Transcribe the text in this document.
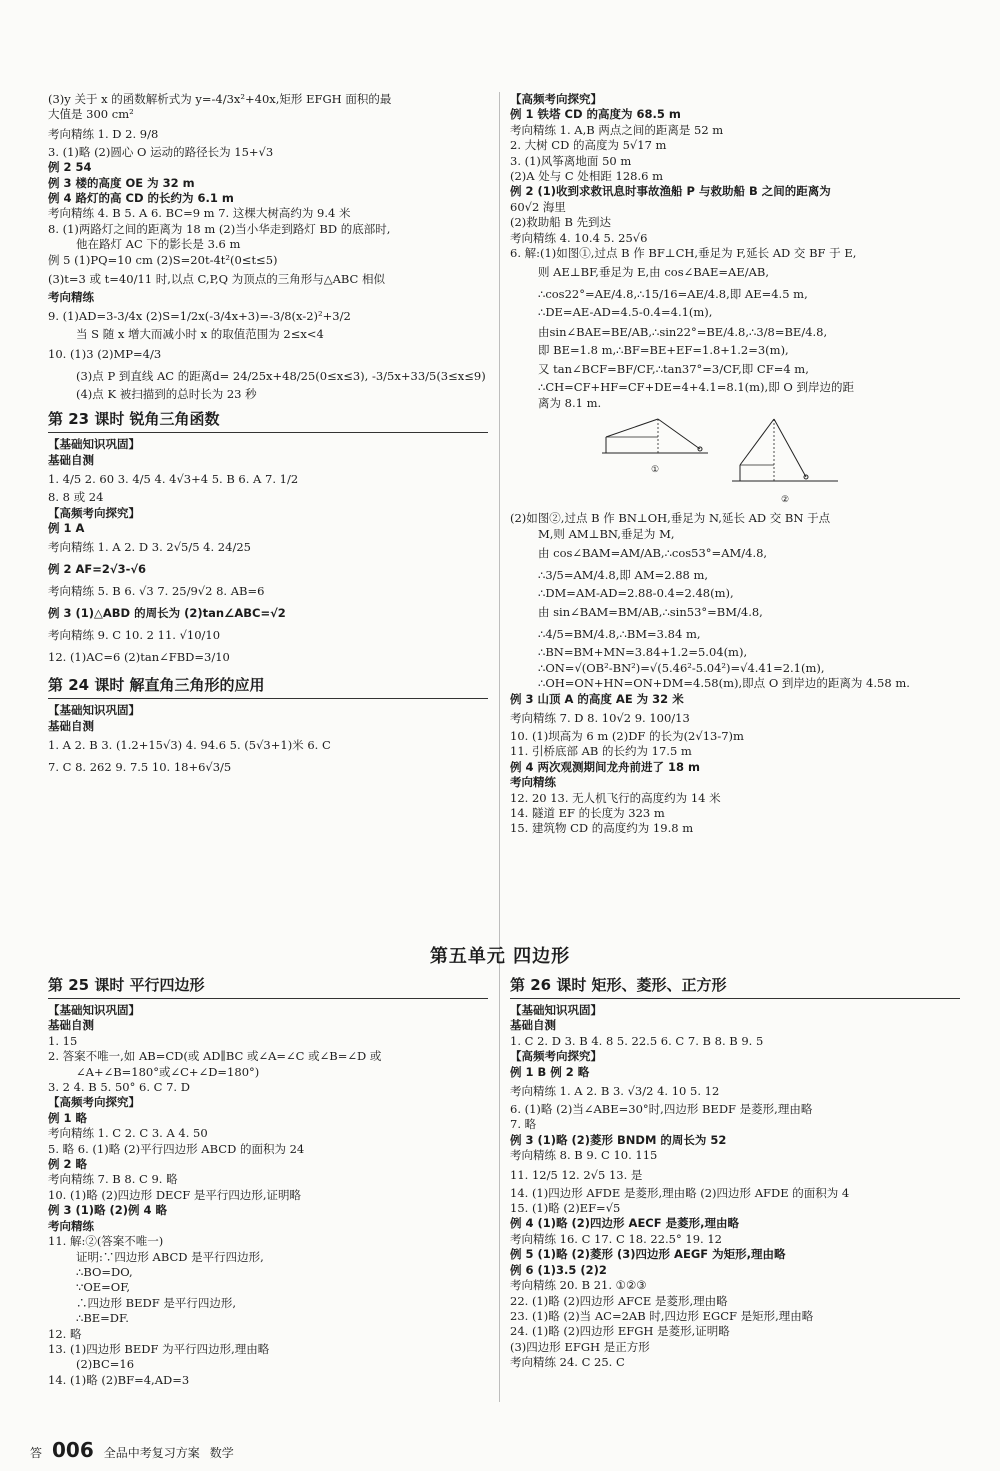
(3)y 关于 x 的函数解析式为 y=-4/3x²+40x,矩形 EFGH 面积的最
大值是 300 cm²
考向精练 1. D 2. 9/8
3. (1)略 (2)圆心 O 运动的路径长为 15+√3
例 2 54
例 3 楼的高度 OE 为 32 m
例 4 路灯的高 CD 的长约为 6.1 m
考向精练 4. B 5. A 6. BC=9 m 7. 这棵大树高约为 9.4 米
8. (1)两路灯之间的距离为 18 m (2)当小华走到路灯 BD 的底部时,
他在路灯 AC 下的影长是 3.6 m
例 5 (1)PQ=10 cm (2)S=20t-4t²(0≤t≤5)
(3)t=3 或 t=40/11 时,以点 C,P,Q 为顶点的三角形与△ABC 相似
考向精练
9. (1)AD=3-3/4x (2)S=1/2x(-3/4x+3)=-3/8(x-2)²+3/2
当 S 随 x 增大而减小时 x 的取值范围为 2≤x<4
10. (1)3 (2)MP=4/3
(3)点 P 到直线 AC 的距离d= 24/25x+48/25(0≤x≤3), -3/5x+33/5(3≤x≤9)
(4)点 K 被扫描到的总时长为 23 秒
第 23 课时 锐角三角函数
【基础知识巩固】
基础自测
1. 4/5 2. 60 3. 4/5 4. 4√3+4 5. B 6. A 7. 1/2
8. 8 或 24
【高频考向探究】
例 1 A
考向精练 1. A 2. D 3. 2√5/5 4. 24/25
例 2 AF=2√3-√6
考向精练 5. B 6. √3 7. 25/9√2 8. AB=6
例 3 (1)△ABD 的周长为 (2)tan∠ABC=√2
考向精练 9. C 10. 2 11. √10/10
12. (1)AC=6 (2)tan∠FBD=3/10
第 24 课时 解直角三角形的应用
【基础知识巩固】
基础自测
1. A 2. B 3. (1.2+15√3) 4. 94.6 5. (5√3+1)米 6. C
7. C 8. 262 9. 7.5 10. 18+6√3/5
【高频考向探究】
例 1 铁塔 CD 的高度为 68.5 m
考向精练 1. A,B 两点之间的距离是 52 m
2. 大树 CD 的高度为 5√17 m
3. (1)风筝离地面 50 m
(2)A 处与 C 处相距 128.6 m
例 2 (1)收到求救讯息时事故渔船 P 与救助船 B 之间的距离为
60√2 海里
(2)救助船 B 先到达
考向精练 4. 10.4 5. 25√6
6. 解:(1)如图①,过点 B 作 BF⊥CH,垂足为 F,延长 AD 交 BF 于 E,
则 AE⊥BF,垂足为 E,由 cos∠BAE=AE/AB,
∴cos22°=AE/4.8,∴15/16=AE/4.8,即 AE=4.5 m,
∴DE=AE-AD=4.5-0.4=4.1(m),
由sin∠BAE=BE/AB,∴sin22°=BE/4.8,∴3/8=BE/4.8,
即 BE=1.8 m,∴BF=BE+EF=1.8+1.2=3(m),
又 tan∠BCF=BF/CF,∴tan37°=3/CF,即 CF=4 m,
∴CH=CF+HF=CF+DE=4+4.1=8.1(m),即 O 到岸边的距
离为 8.1 m.
①
②
(2)如图②,过点 B 作 BN⊥OH,垂足为 N,延长 AD 交 BN 于点
M,则 AM⊥BN,垂足为 M,
由 cos∠BAM=AM/AB,∴cos53°=AM/4.8,
∴3/5=AM/4.8,即 AM=2.88 m,
∴DM=AM-AD=2.88-0.4=2.48(m),
由 sin∠BAM=BM/AB,∴sin53°=BM/4.8,
∴4/5=BM/4.8,∴BM=3.84 m,
∴BN=BM+MN=3.84+1.2=5.04(m),
∴ON=√(OB²-BN²)=√(5.46²-5.04²)=√4.41=2.1(m),
∴OH=ON+HN=ON+DM=4.58(m),即点 O 到岸边的距离为 4.58 m.
例 3 山顶 A 的高度 AE 为 32 米
考向精练 7. D 8. 10√2 9. 100/13
10. (1)坝高为 6 m (2)DF 的长为(2√13-7)m
11. 引桥底部 AB 的长约为 17.5 m
例 4 两次观测期间龙舟前进了 18 m
考向精练
12. 20 13. 无人机飞行的高度约为 14 米
14. 隧道 EF 的长度为 323 m
15. 建筑物 CD 的高度约为 19.8 m
第五单元 四边形
第 25 课时 平行四边形
【基础知识巩固】
基础自测
1. 15
2. 答案不唯一,如 AB=CD(或 AD∥BC 或∠A=∠C 或∠B=∠D 或
∠A+∠B=180°或∠C+∠D=180°)
3. 2 4. B 5. 50° 6. C 7. D
【高频考向探究】
例 1 略
考向精练 1. C 2. C 3. A 4. 50
5. 略 6. (1)略 (2)平行四边形 ABCD 的面积为 24
例 2 略
考向精练 7. B 8. C 9. 略
10. (1)略 (2)四边形 DECF 是平行四边形,证明略
例 3 (1)略 (2)例 4 略
考向精练
11. 解:②(答案不唯一)
证明:∵四边形 ABCD 是平行四边形,
∴BO=DO,
∵OE=OF,
∴四边形 BEDF 是平行四边形,
∴BE=DF.
12. 略
13. (1)四边形 BEDF 为平行四边形,理由略
(2)BC=16
14. (1)略 (2)BF=4,AD=3
第 26 课时 矩形、菱形、正方形
【基础知识巩固】
基础自测
1. C 2. D 3. B 4. 8 5. 22.5 6. C 7. B 8. B 9. 5
【高频考向探究】
例 1 B 例 2 略
考向精练 1. A 2. B 3. √3/2 4. 10 5. 12
6. (1)略 (2)当∠ABE=30°时,四边形 BEDF 是菱形,理由略
7. 略
例 3 (1)略 (2)菱形 BNDM 的周长为 52
考向精练 8. B 9. C 10. 115
11. 12/5 12. 2√5 13. 是
14. (1)四边形 AFDE 是菱形,理由略 (2)四边形 AFDE 的面积为 4
15. (1)略 (2)EF=√5
例 4 (1)略 (2)四边形 AECF 是菱形,理由略
考向精练 16. C 17. C 18. 22.5° 19. 12
例 5 (1)略 (2)菱形 (3)四边形 AEGF 为矩形,理由略
例 6 (1)3.5 (2)2
考向精练 20. B 21. ①②③
22. (1)略 (2)四边形 AFCE 是菱形,理由略
23. (1)略 (2)当 AC=2AB 时,四边形 EGCF 是矩形,理由略
24. (1)略 (2)四边形 EFGH 是菱形,证明略
(3)四边形 EFGH 是正方形
考向精练 24. C 25. C
答 006 全品中考复习方案 数学
